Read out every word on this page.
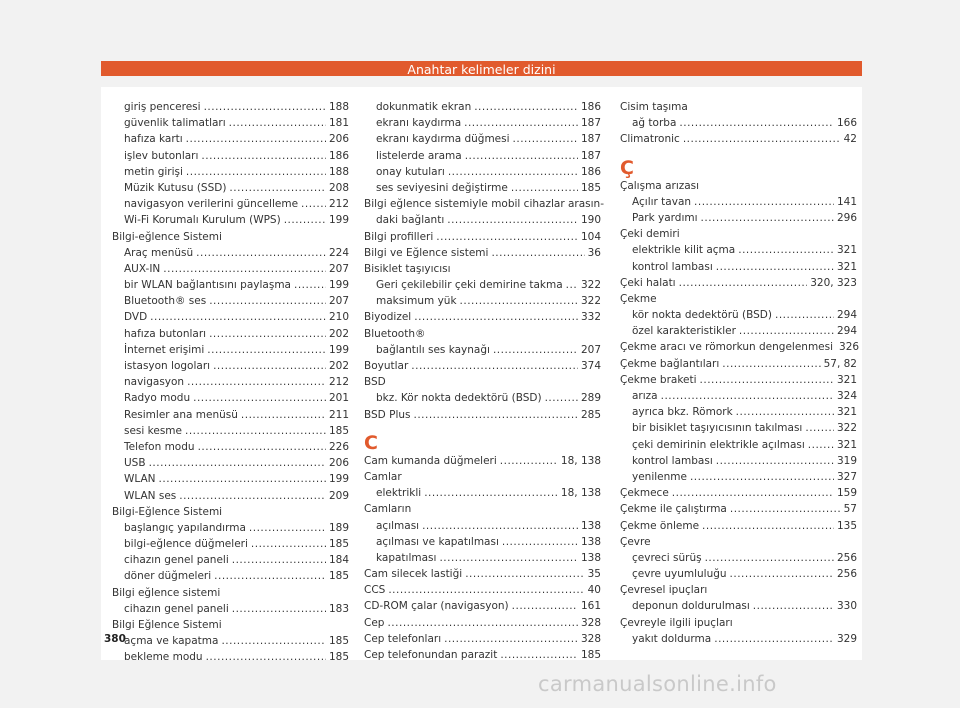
Anahtar kelimeler dizini
giriş penceresi .....	188
güvenlik talimatları .....	181
hafıza kartı .....	206
işlev butonları .....	186
metin girişi .....	188
Müzik Kutusu (SSD) .....	208
navigasyon verilerini güncelleme .....	212
Wi-Fi Korumalı Kurulum (WPS) .....	199
Bilgi-eğlence Sistemi
Araç menüsü .....	224
AUX-IN .....	207
bir WLAN bağlantısını paylaşma .....	199
Bluetooth® ses .....	207
DVD .....	210
hafıza butonları .....	202
İnternet erişimi .....	199
istasyon logoları .....	202
navigasyon .....	212
Radyo modu .....	201
Resimler ana menüsü .....	211
sesi kesme .....	185
Telefon modu .....	226
USB .....	206
WLAN .....	199
WLAN ses .....	209
Bilgi-Eğlence Sistemi
başlangıç yapılandırma .....	189
bilgi-eğlence düğmeleri .....	185
cihazın genel paneli .....	184
döner düğmeleri .....	185
Bilgi eğlence sistemi
cihazın genel paneli .....	183
Bilgi Eğlence Sistemi
açma ve kapatma .....	185
bekleme modu .....	185
dokunmatik ekran .....	186
ekranı kaydırma .....	187
ekranı kaydırma düğmesi .....	187
listelerde arama .....	187
onay kutuları .....	186
ses seviyesini değiştirme .....	185
Bilgi eğlence sistemiyle mobil cihazlar arasın-
daki bağlantı .....	190
Bilgi profilleri .....	104
Bilgi ve Eğlence sistemi .....	36
Bisiklet taşıyıcısı
Geri çekilebilir çeki demirine takma ..... 322
maksimum yük .....	322
Biyodizel .....	332
Bluetooth®
bağlantılı ses kaynağı .....	207
Boyutlar .....	374
BSD
bkz. Kör nokta dedektörü (BSD) .....	289
BSD Plus .....	285
C
Cam kumanda düğmeleri .....	18, 138
Camlar
elektrikli .....	18, 138
Camların
açılması .....	138
açılması ve kapatılması .....	138
kapatılması .....	138
Cam silecek lastiği .....	35
CCS .....	40
CD-ROM çalar (navigasyon) .....	161
Cep .....	328
Cep telefonları .....	328
Cep telefonundan parazit .....	185
Cisim taşıma
ağ torba .....	166
Climatronic .....	42
Ç
Çalışma arızası
Açılır tavan .....	141
Park yardımı .....	296
Çeki demiri
elektrikle kilit açma .....	321
kontrol lambası .....	321
Çeki halatı .....	320, 323
Çekme
kör nokta dedektörü (BSD) .....	294
özel karakteristikler .....	294
Çekme aracı ve römorkun dengelenmesi 326
Çekme bağlantıları .....	57, 82
Çekme braketi .....	321
arıza .....	324
ayrıca bkz. Römork .....	321
bir bisiklet taşıyıcısının takılması .....	322
çeki demirinin elektrikle açılması .....	321
kontrol lambası .....	319
yenilenme .....	327
Çekmece .....	159
Çekme ile çalıştırma .....	57
Çekme önleme .....	135
Çevre
çevreci sürüş .....	256
çevre uyumluluğu .....	256
Çevresel ipuçları
deponun doldurulması .....	330
Çevreyle ilgili ipuçları
yakıt doldurma .....	329
380
carmanualsonline.info
